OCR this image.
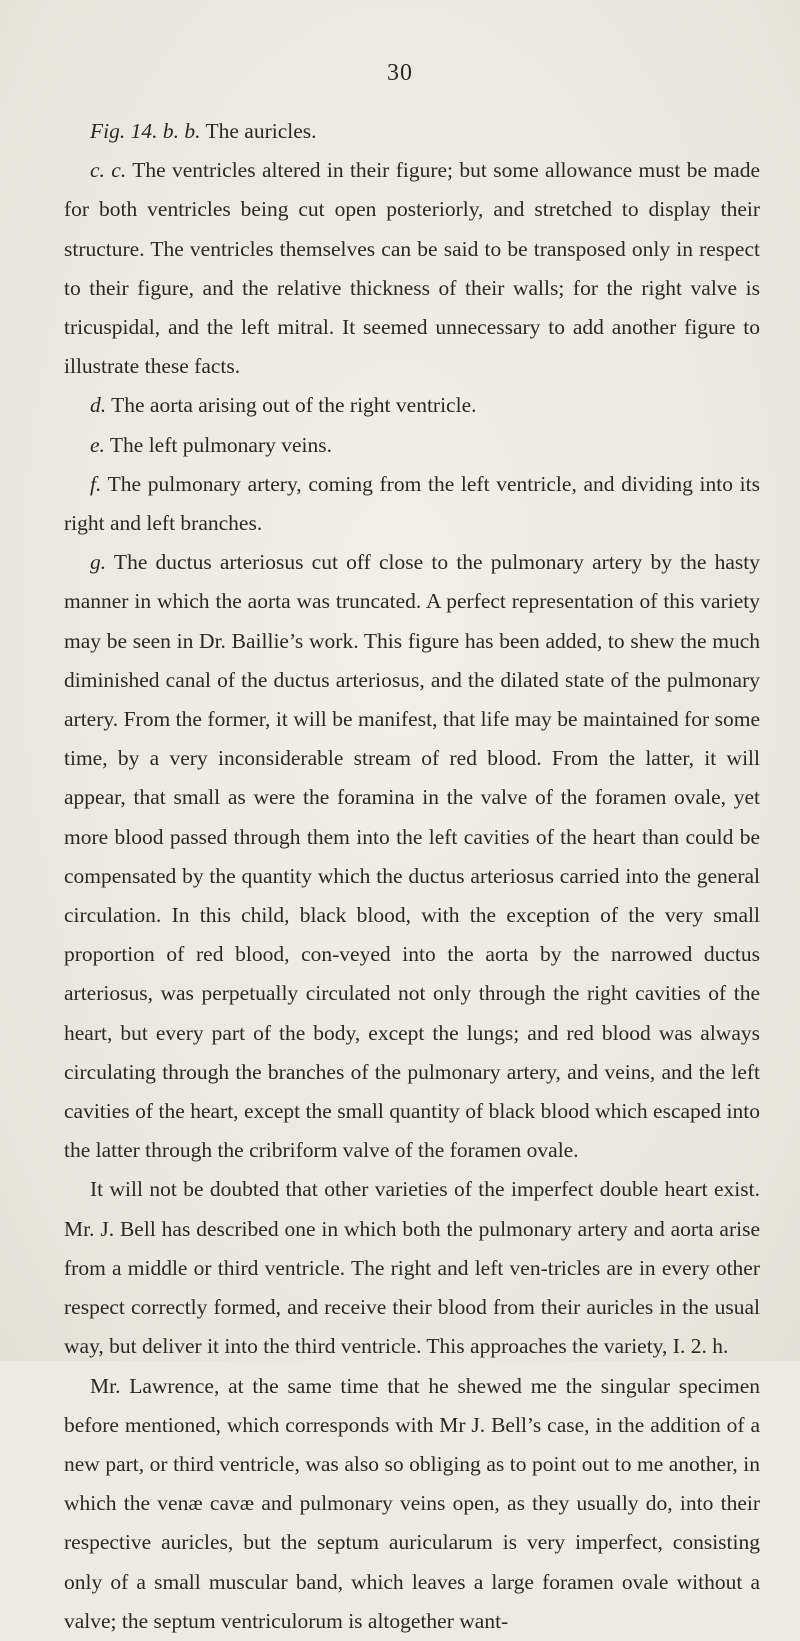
30

Fig. 14. b. b. The auricles.

c. c. The ventricles altered in their figure; but some allowance must be made for both ventricles being cut open posteriorly, and stretched to display their structure. The ventricles themselves can be said to be transposed only in respect to their figure, and the relative thickness of their walls; for the right valve is tricuspidal, and the left mitral. It seemed unnecessary to add another figure to illustrate these facts.

d. The aorta arising out of the right ventricle.

e. The left pulmonary veins.

f. The pulmonary artery, coming from the left ventricle, and dividing into its right and left branches.

g. The ductus arteriosus cut off close to the pulmonary artery by the hasty manner in which the aorta was truncated. A perfect representation of this variety may be seen in Dr. Baillie’s work. This figure has been added, to shew the much diminished canal of the ductus arteriosus, and the dilated state of the pulmonary artery. From the former, it will be manifest, that life may be maintained for some time, by a very inconsiderable stream of red blood. From the latter, it will appear, that small as were the foramina in the valve of the foramen ovale, yet more blood passed through them into the left cavities of the heart than could be compensated by the quantity which the ductus arteriosus carried into the general circulation. In this child, black blood, with the exception of the very small proportion of red blood, con-veyed into the aorta by the narrowed ductus arteriosus, was perpetually circulated not only through the right cavities of the heart, but every part of the body, except the lungs; and red blood was always circulating through the branches of the pulmonary artery, and veins, and the left cavities of the heart, except the small quantity of black blood which escaped into the latter through the cribriform valve of the foramen ovale.

It will not be doubted that other varieties of the imperfect double heart exist. Mr. J. Bell has described one in which both the pulmonary artery and aorta arise from a middle or third ventricle. The right and left ven-tricles are in every other respect correctly formed, and receive their blood from their auricles in the usual way, but deliver it into the third ventricle. This approaches the variety, I. 2. h.

Mr. Lawrence, at the same time that he shewed me the singular specimen before mentioned, which corresponds with Mr J. Bell’s case, in the addition of a new part, or third ventricle, was also so obliging as to point out to me another, in which the venæ cavæ and pulmonary veins open, as they usually do, into their respective auricles, but the septum auricularum is very imperfect, consisting only of a small muscular band, which leaves a large foramen ovale without a valve; the septum ventriculorum is altogether want-
